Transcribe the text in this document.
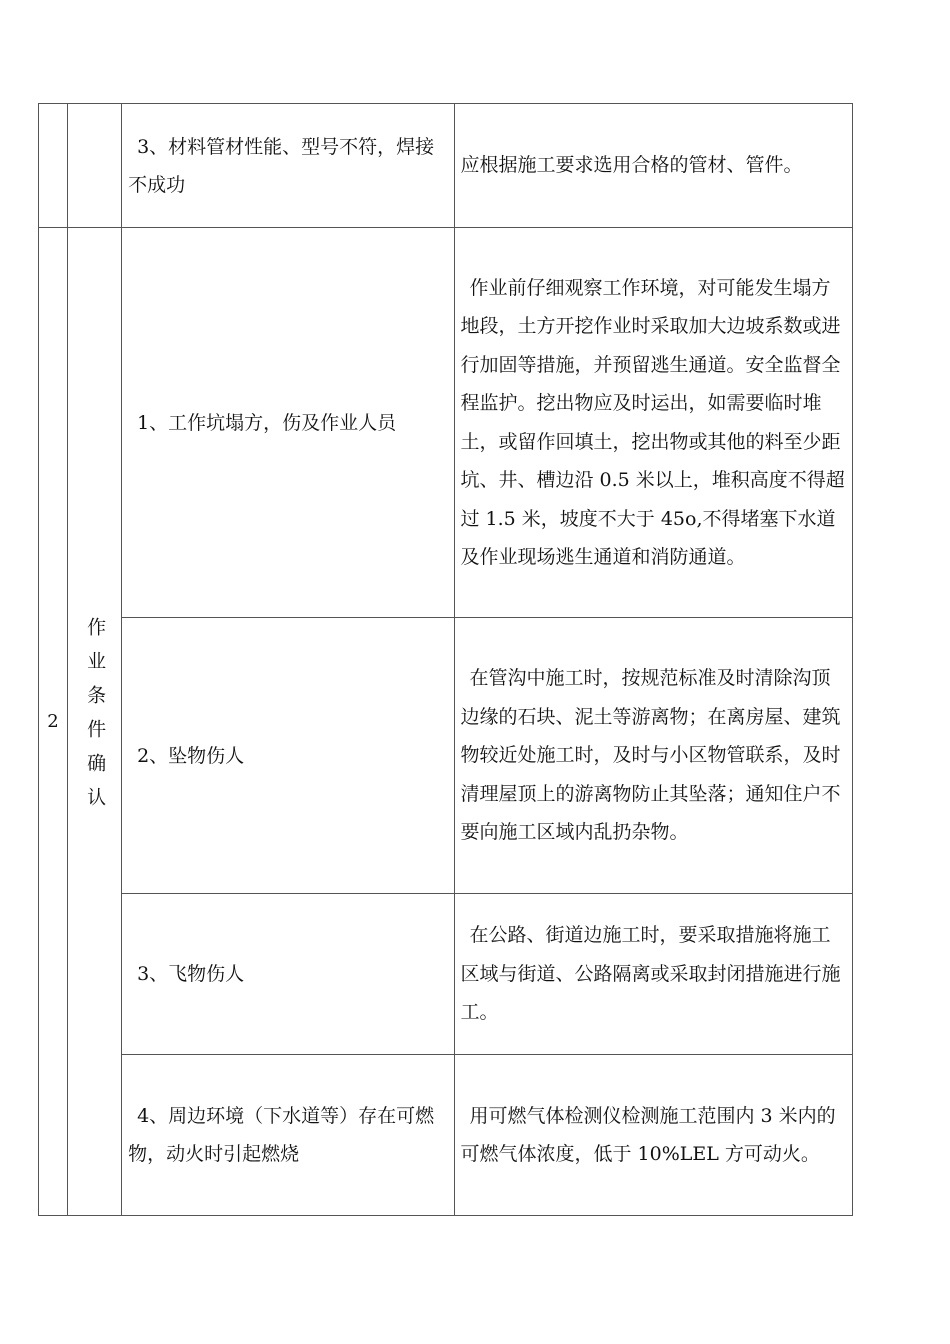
		3、材料管材性能、型号不符，焊接不成功	应根据施工要求选用合格的管材、管件。
2	作业条件确认	1、工作坑塌方，伤及作业人员	作业前仔细观察工作环境，对可能发生塌方地段，土方开挖作业时采取加大边坡系数或进行加固等措施，并预留逃生通道。安全监督全程监护。挖出物应及时运出，如需要临时堆土，或留作回填土，挖出物或其他的料至少距坑、井、槽边沿 0.5 米以上，堆积高度不得超过 1.5 米，坡度不大于 45o,不得堵塞下水道及作业现场逃生通道和消防通道。
		2、坠物伤人	在管沟中施工时，按规范标准及时清除沟顶边缘的石块、泥土等游离物；在离房屋、建筑物较近处施工时，及时与小区物管联系，及时清理屋顶上的游离物防止其坠落；通知住户不要向施工区域内乱扔杂物。
		3、飞物伤人	在公路、街道边施工时，要采取措施将施工区域与街道、公路隔离或采取封闭措施进行施工。
		4、周边环境（下水道等）存在可燃物，动火时引起燃烧	用可燃气体检测仪检测施工范围内 3 米内的可燃气体浓度，低于 10%LEL 方可动火。
